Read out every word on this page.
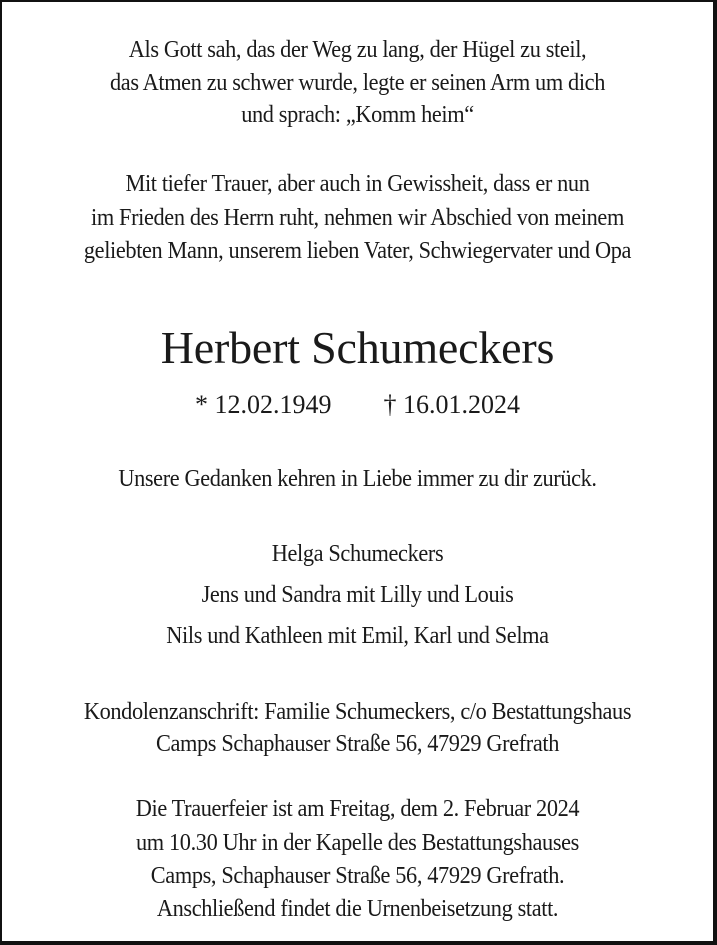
Als Gott sah, das der Weg zu lang, der Hügel zu steil,
das Atmen zu schwer wurde, legte er seinen Arm um dich
und sprach: „Komm heim“
Mit tiefer Trauer, aber auch in Gewissheit, dass er nun
im Frieden des Herrn ruht, nehmen wir Abschied von meinem
geliebten Mann, unserem lieben Vater, Schwiegervater und Opa
Herbert Schumeckers
* 12.02.1949 † 16.01.2024
Unsere Gedanken kehren in Liebe immer zu dir zurück.
Helga Schumeckers
Jens und Sandra mit Lilly und Louis
Nils und Kathleen mit Emil, Karl und Selma
Kondolenzanschrift: Familie Schumeckers, c/o Bestattungshaus
Camps Schaphauser Straße 56, 47929 Grefrath
Die Trauerfeier ist am Freitag, dem 2. Februar 2024
um 10.30 Uhr in der Kapelle des Bestattungshauses
Camps, Schaphauser Straße 56, 47929 Grefrath.
Anschließend findet die Urnenbeisetzung statt.
